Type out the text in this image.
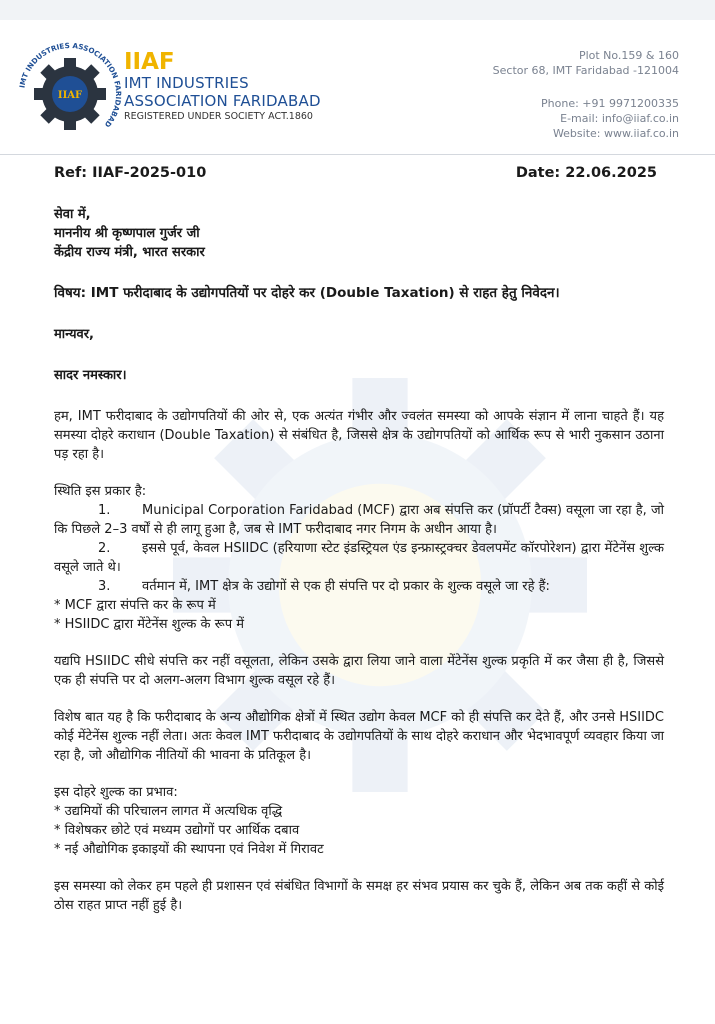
IIAF
IMT INDUSTRIES ASSOCIATION FARIDABAD
IIAF
IMT INDUSTRIES
ASSOCIATION FARIDABAD
REGISTERED UNDER SOCIETY ACT.1860
Plot No.159 & 160
Sector 68, IMT Faridabad -121004
Phone: +91 9971200335
E-mail: info@iiaf.co.in
Website: www.iiaf.co.in
Ref: IIAF-2025-010	Date: 22.06.2025

सेवा में,

माननीय श्री कृष्णपाल गुर्जर जी

केंद्रीय राज्य मंत्री, भारत सरकार

विषय: IMT फरीदाबाद के उद्योगपतियों पर दोहरे कर (Double Taxation) से राहत हेतु निवेदन।

मान्यवर,

सादर नमस्कार।

हम, IMT फरीदाबाद के उद्योगपतियों की ओर से, एक अत्यंत गंभीर और ज्वलंत समस्या को आपके संज्ञान में लाना चाहते हैं। यह समस्या दोहरे कराधान (Double Taxation) से संबंधित है, जिससे क्षेत्र के उद्योगपतियों को आर्थिक रूप से भारी नुकसान उठाना पड़ रहा है।

स्थिति इस प्रकार है:

1. Municipal Corporation Faridabad (MCF) द्वारा अब संपत्ति कर (प्रॉपर्टी टैक्स) वसूला जा रहा है, जो कि पिछले 2–3 वर्षों से ही लागू हुआ है, जब से IMT फरीदाबाद नगर निगम के अधीन आया है।

2. इससे पूर्व, केवल HSIIDC (हरियाणा स्टेट इंडस्ट्रियल एंड इन्फ्रास्ट्रक्चर डेवलपमेंट कॉरपोरेशन) द्वारा मेंटेनेंस शुल्क वसूले जाते थे।

3. वर्तमान में, IMT क्षेत्र के उद्योगों से एक ही संपत्ति पर दो प्रकार के शुल्क वसूले जा रहे हैं:

* MCF द्वारा संपत्ति कर के रूप में

* HSIIDC द्वारा मेंटेनेंस शुल्क के रूप में

यद्यपि HSIIDC सीधे संपत्ति कर नहीं वसूलता, लेकिन उसके द्वारा लिया जाने वाला मेंटेनेंस शुल्क प्रकृति में कर जैसा ही है, जिससे एक ही संपत्ति पर दो अलग-अलग विभाग शुल्क वसूल रहे हैं।

विशेष बात यह है कि फरीदाबाद के अन्य औद्योगिक क्षेत्रों में स्थित उद्योग केवल MCF को ही संपत्ति कर देते हैं, और उनसे HSIIDC कोई मेंटेनेंस शुल्क नहीं लेता। अतः केवल IMT फरीदाबाद के उद्योगपतियों के साथ दोहरे कराधान और भेदभावपूर्ण व्यवहार किया जा रहा है, जो औद्योगिक नीतियों की भावना के प्रतिकूल है।

इस दोहरे शुल्क का प्रभाव:

* उद्यमियों की परिचालन लागत में अत्यधिक वृद्धि

* विशेषकर छोटे एवं मध्यम उद्योगों पर आर्थिक दबाव

* नई औद्योगिक इकाइयों की स्थापना एवं निवेश में गिरावट

इस समस्या को लेकर हम पहले ही प्रशासन एवं संबंधित विभागों के समक्ष हर संभव प्रयास कर चुके हैं, लेकिन अब तक कहीं से कोई ठोस राहत प्राप्त नहीं हुई है।
